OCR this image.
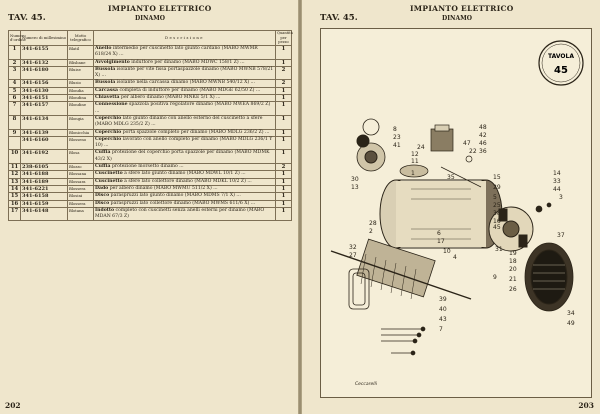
IMPIANTO ELETTRICO
TAV. 45.	DINAMO
Numero d'ordine	Numero di millesimino	Motto telegrafico	Descrizione	Quantità per pezzo
1	341-6155	Blatil	Anello intermedio per cuscinetto lato giunto cardano (MABO MWMR 618/24 X) ...	1
2	341-6132	Blisbane	Avvolgimento induttore per dinamo (MABO MDWC 158/1 Z) ...	1
3	341-6180	Bluise	Bussola isolante per vite fissa portaspazzole dinamo (MABO MWNB 578/21 X) ...	2
4	341-6156	Blusio	Bussola isolante nella carcassa dinamo (MABO MWNB 540/12 X) ...	2
5	341-6130	Blondia	Carcassa completa di induttore per dinamo (MABO MDGE 62/50 Z) ...	1
6	341-6151	Blondina	Chiavetta per albero dinamo (MABO MNKE 5/1 X) ...	1
7	341-6157	Blondine	Connessione spazzola positiva regolatore dinamo (MABO MWEA 869/2 Z) ...	1
8	341-6134	Blongia	Coperchio lato giunto dinamo con anello esterno del cuscinetto a sfere (MABO MDLG 235/2 Z) ...	1
9	341-6139	Blonicchia	Coperchio porta spazzole completo per dinamo (MABO MDLG 236/2 Z) ...	1
	341-6160	Blosseno	Coperchio lavorato con anello completo per dinamo (MABO MDLG 236/1 Y 10) ...	1
10	341-6192	Blosa	Cuffia protezione del coperchio porta spazzole per dinamo (MABO MDMK 43/2 X)	1
11	238-6105	Blozzo	Cuffia protezione morsetto dinamo ...	2
12	341-6188	Blossana	Cuscinetto a sfere lato giunto dinamo (MABO MDWL 10/1 Z) ...	1
13	341-6189	Blossara	Cuscinetto a sfere lato collettore dinamo (MABO MDKL 10/2 Z) ...	1
14	341-6221	Blossera	Dado per albero dinamo (MABO MWMU 511/2 X) ...	1
15	341-6158	Blosini	Disco paraspruzzi lato giunto dinamo (MABO MDMS 7/1 X) ...	1
16	341-6159	Blossera	Disco paraspruzzi lato collettore dinamo (MABO MWMS 611/6 X) ...	1
17	341-6148	Blotana	Indotto completo con cuscinetti senza anelli esterni per dinamo (MABO MDAN 67/3 Z)	1
202
IMPIANTO ELETTRICO
TAV. 45.	DINAMO
TAVOLA
45
48
8
23
41	24
12
11
1
42
47
22
35
46
36
29
30
13
15
5
25
38
16
32
28
2
14
33
44
3
10
27	4
6
17
19
18
20
31
9 21
26
45
37
39
40
43
7
34
49
Ceccarelli
203
